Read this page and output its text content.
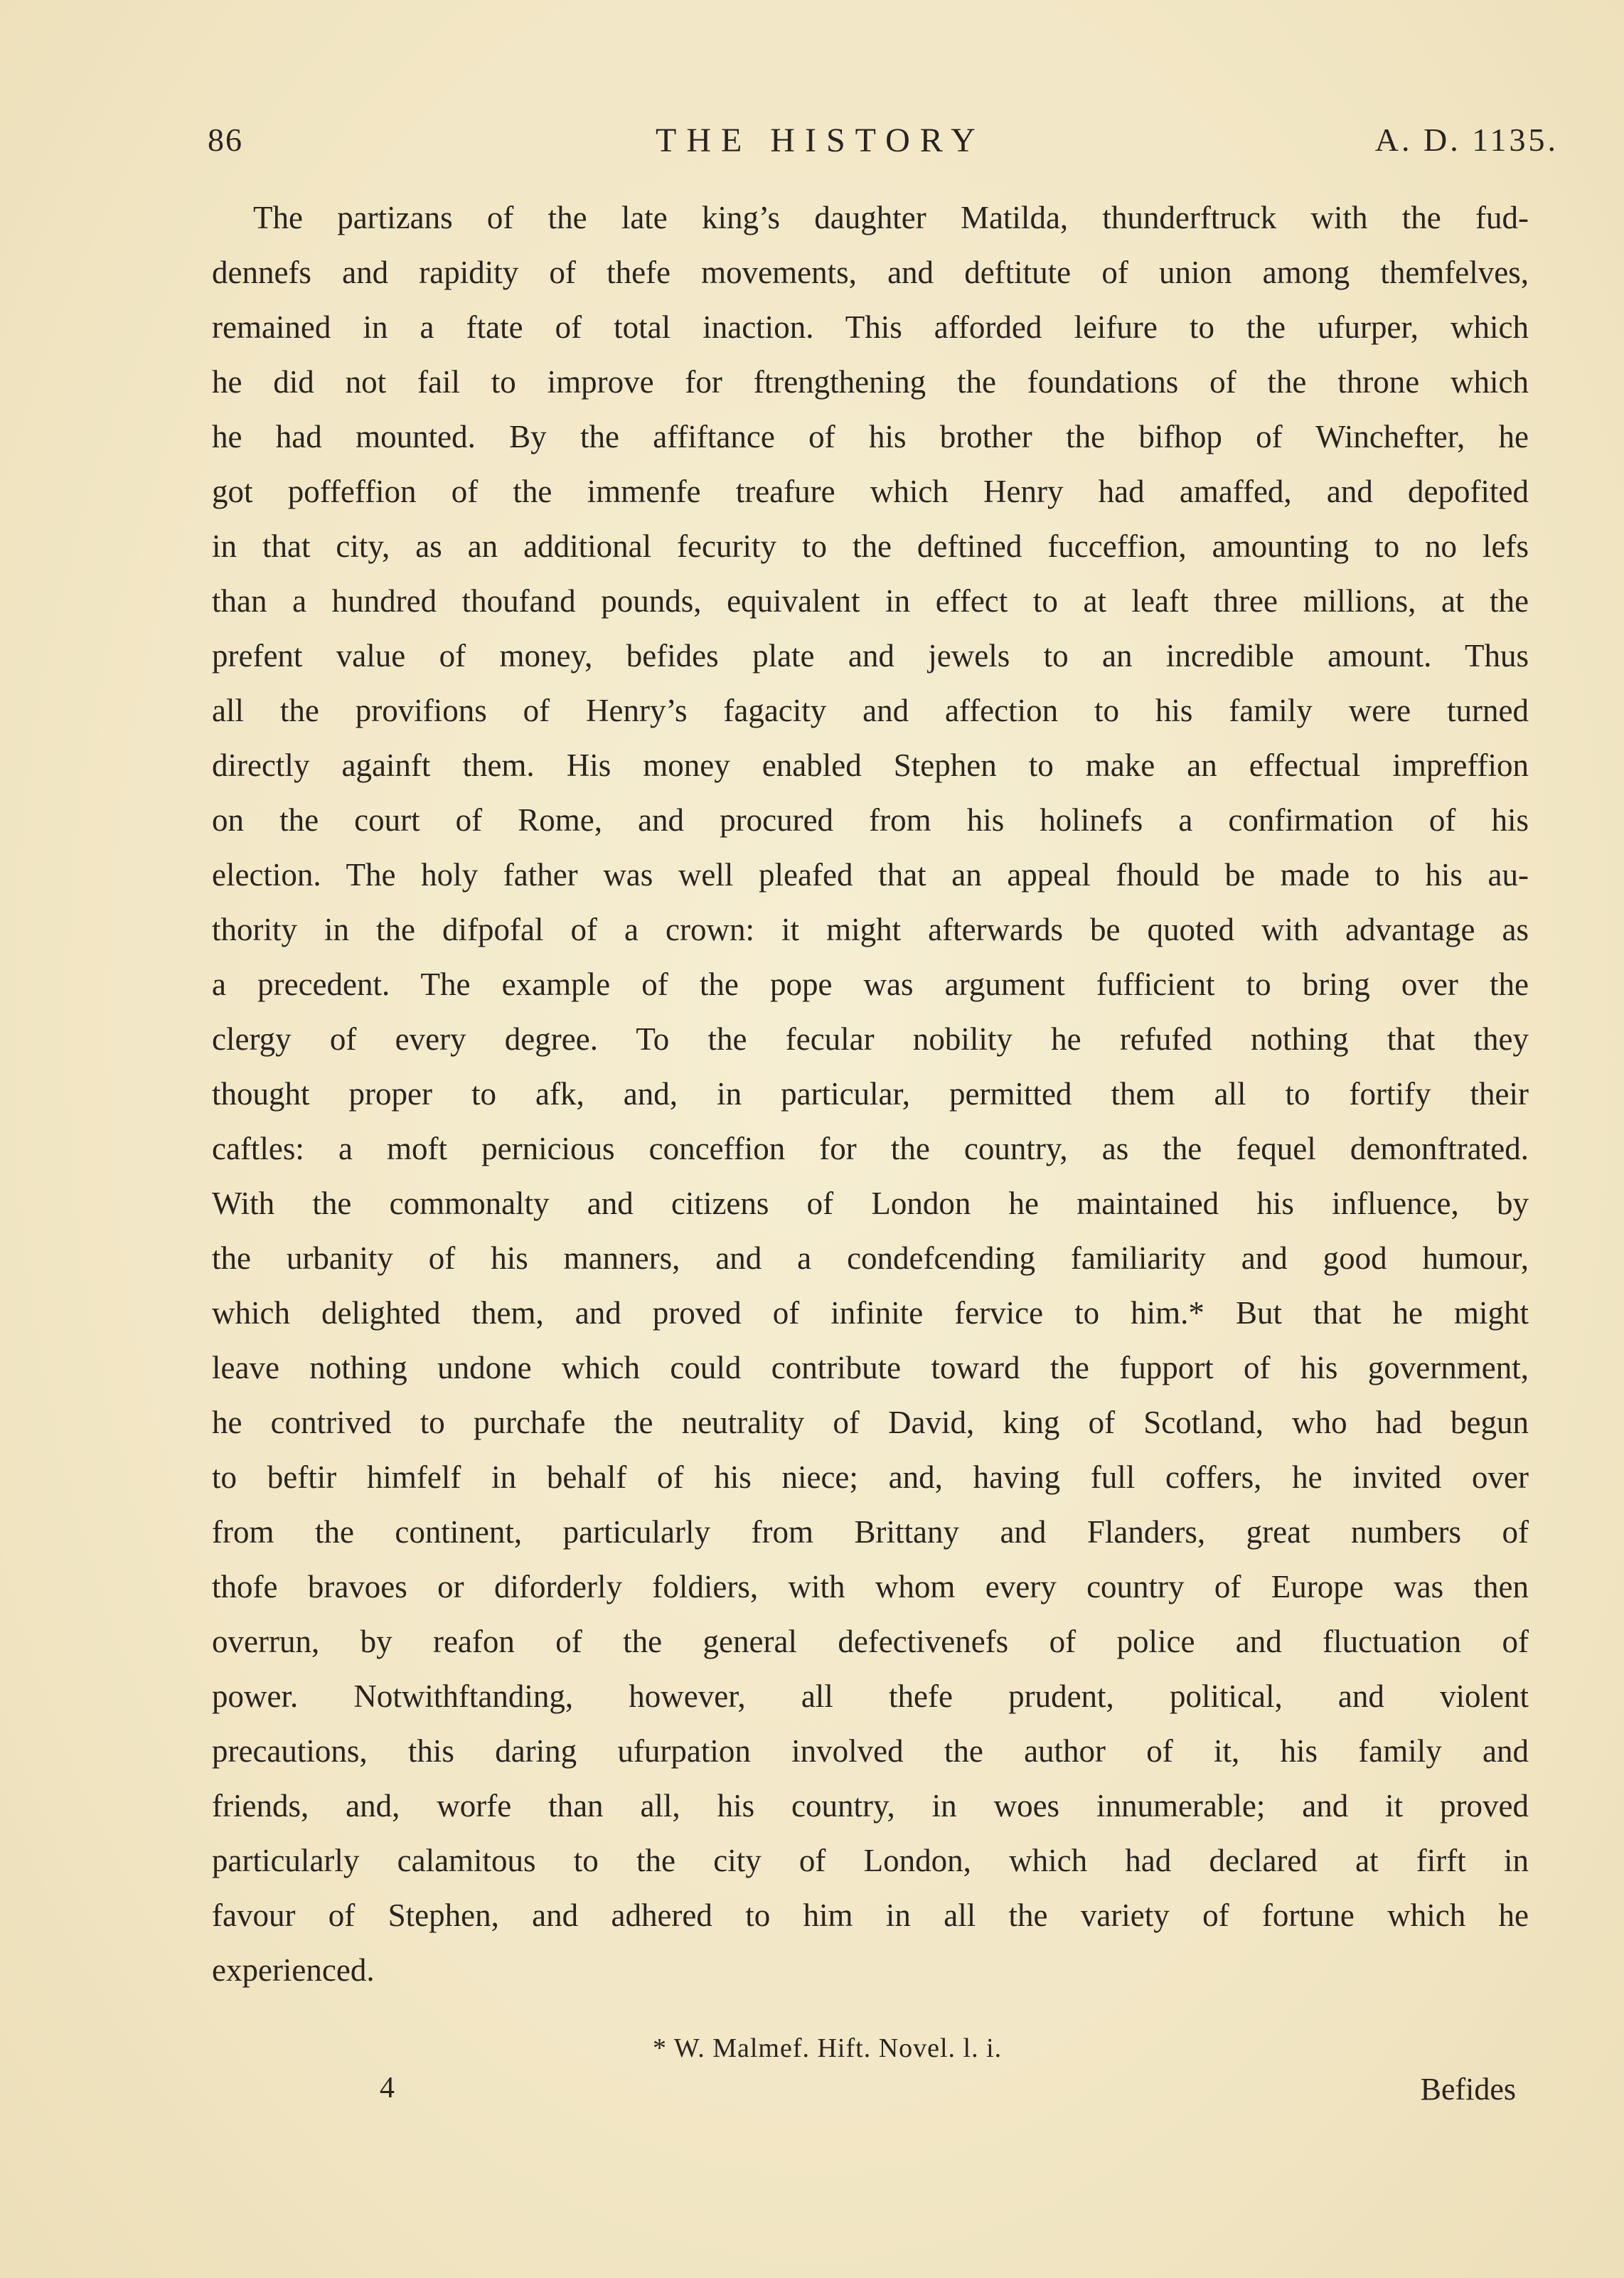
86	THE HISTORY	A. D. 1135.
The partizans of the late king’s daughter Matilda, thunderftruck with the fud-
dennefs and rapidity of thefe movements, and deftitute of union among themfelves,
remained in a ftate of total inaction. This afforded leifure to the ufurper, which
he did not fail to improve for ftrengthening the foundations of the throne which
he had mounted. By the affiftance of his brother the bifhop of Winchefter, he
got poffeffion of the immenfe treafure which Henry had amaffed, and depofited
in that city, as an additional fecurity to the deftined fucceffion, amounting to no lefs
than a hundred thoufand pounds, equivalent in effect to at leaft three millions, at the
prefent value of money, befides plate and jewels to an incredible amount. Thus
all the provifions of Henry’s fagacity and affection to his family were turned
directly againft them. His money enabled Stephen to make an effectual impreffion
on the court of Rome, and procured from his holinefs a confirmation of his
election. The holy father was well pleafed that an appeal fhould be made to his au-
thority in the difpofal of a crown: it might afterwards be quoted with advantage as
a precedent. The example of the pope was argument fufficient to bring over the
clergy of every degree. To the fecular nobility he refufed nothing that they
thought proper to afk, and, in particular, permitted them all to fortify their
caftles: a moft pernicious conceffion for the country, as the fequel demonftrated.
With the commonalty and citizens of London he maintained his influence, by
the urbanity of his manners, and a condefcending familiarity and good humour,
which delighted them, and proved of infinite fervice to him.* But that he might
leave nothing undone which could contribute toward the fupport of his government,
he contrived to purchafe the neutrality of David, king of Scotland, who had begun
to beftir himfelf in behalf of his niece; and, having full coffers, he invited over
from the continent, particularly from Brittany and Flanders, great numbers of
thofe bravoes or diforderly foldiers, with whom every country of Europe was then
overrun, by reafon of the general defectivenefs of police and fluctuation of
power. Notwithftanding, however, all thefe prudent, political, and violent
precautions, this daring ufurpation involved the author of it, his family and
friends, and, worfe than all, his country, in woes innumerable; and it proved
particularly calamitous to the city of London, which had declared at firft in
favour of Stephen, and adhered to him in all the variety of fortune which he
experienced.
* W. Malmef. Hift. Novel. l. i.
4	Befides
